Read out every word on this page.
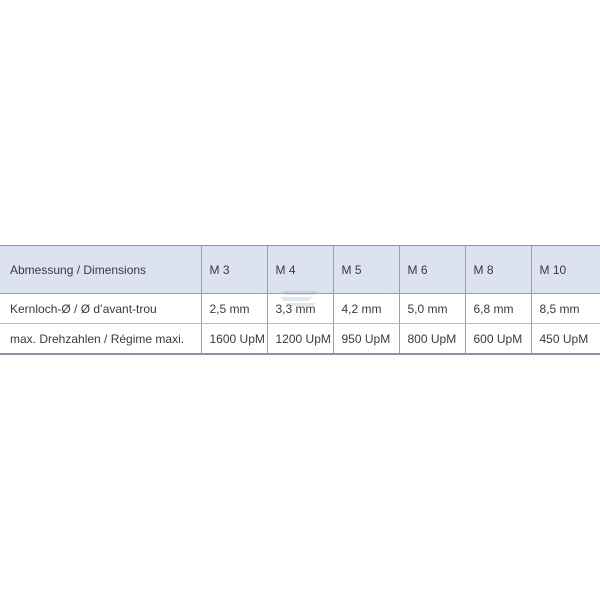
Abmessung / Dimensions	M 3	M 4	M 5	M 6	M 8	M 10
Kernloch-Ø / Ø d’avant-trou	2,5 mm	3,3 mm	4,2 mm	5,0 mm	6,8 mm	8,5 mm
max. Drehzahlen / Régime maxi.	1600 UpM	1200 UpM	950 UpM	800 UpM	600 UpM	450 UpM
